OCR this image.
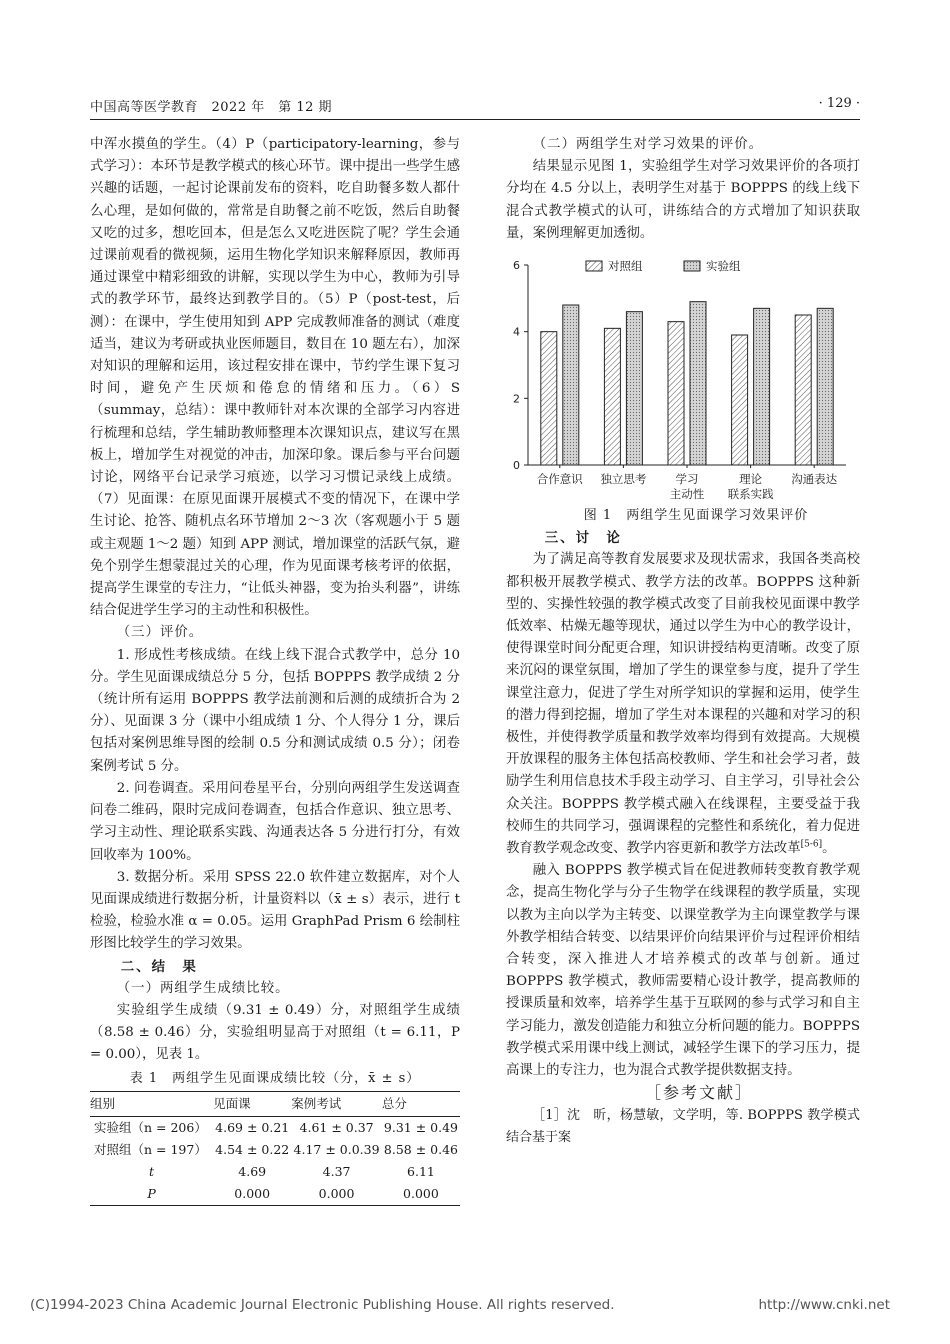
中国高等医学教育　2022 年　第 12 期	· 129 ·

中浑水摸鱼的学生。（4）P（participatory-learning，参与式学习）：本环节是教学模式的核心环节。课中提出一些学生感兴趣的话题，一起讨论课前发布的资料，吃自助餐多数人都什么心理，是如何做的，常常是自助餐之前不吃饭，然后自助餐又吃的过多，想吃回本，但是怎么又吃进医院了呢？学生会通过课前观看的微视频，运用生物化学知识来解释原因，教师再通过课堂中精彩细致的讲解，实现以学生为中心，教师为引导式的教学环节，最终达到教学目的。（5）P（post-test，后测）：在课中，学生使用知到 APP 完成教师准备的测试（难度适当，建议为考研或执业医师题目，数目在 10 题左右），加深对知识的理解和运用，该过程安排在课中，节约学生课下复习时间，避免产生厌烦和倦怠的情绪和压力。（6）S（summay，总结）：课中教师针对本次课的全部学习内容进行梳理和总结，学生辅助教师整理本次课知识点，建议写在黑板上，增加学生对视觉的冲击，加深印象。课后参与平台问题讨论，网络平台记录学习痕迹，以学习习惯记录线上成绩。（7）见面课：在原见面课开展模式不变的情况下，在课中学生讨论、抢答、随机点名环节增加 2～3 次（客观题小于 5 题或主观题 1～2 题）知到 APP 测试，增加课堂的活跃气氛，避免个别学生想蒙混过关的心理，作为见面课考核考评的依据，提高学生课堂的专注力，“让低头神器，变为抬头利器”，讲练结合促进学生学习的主动性和积极性。

（三）评价。

1. 形成性考核成绩。在线上线下混合式教学中，总分 10 分。学生见面课成绩总分 5 分，包括 BOPPPS 教学成绩 2 分（统计所有运用 BOPPPS 教学法前测和后测的成绩折合为 2 分）、见面课 3 分（课中小组成绩 1 分、个人得分 1 分，课后包括对案例思维导图的绘制 0.5 分和测试成绩 0.5 分）；闭卷案例考试 5 分。

2. 问卷调查。采用问卷星平台，分别向两组学生发送调查问卷二维码，限时完成问卷调查，包括合作意识、独立思考、学习主动性、理论联系实践、沟通表达各 5 分进行打分，有效回收率为 100%。

3. 数据分析。采用 SPSS 22.0 软件建立数据库，对个人见面课成绩进行数据分析，计量资料以（x̄ ± s）表示，进行 t 检验，检验水准 α = 0.05。运用 GraphPad Prism 6 绘制柱形图比较学生的学习效果。

二、结　果

（一）两组学生成绩比较。

实验组学生成绩（9.31 ± 0.49）分，对照组学生成绩（8.58 ± 0.46）分，实验组明显高于对照组（t = 6.11，P = 0.00），见表 1。

表 1　两组学生见面课成绩比较（分，x̄ ± s）
组别	见面课	案例考试	总分
实验组（n = 206）	4.69 ± 0.21	4.61 ± 0.37	9.31 ± 0.49
对照组（n = 197）	4.54 ± 0.22	4.17 ± 0.0.39	8.58 ± 0.46
t	4.69	4.37	6.11
P	0.000	0.000	0.000

（二）两组学生对学习效果的评价。

结果显示见图 1，实验组学生对学习效果评价的各项打分均在 4.5 分以上，表明学生对基于 BOPPPS 的线上线下混合式教学模式的认可，讲练结合的方式增加了知识获取量，案例理解更加透彻。

0
2
4
6
合作意识 独立思考	学习
主动性
理论
联系实践
沟通表达
对照组	实验组

图 1　两组学生见面课学习效果评价

三、讨　论

为了满足高等教育发展要求及现状需求，我国各类高校都积极开展教学模式、教学方法的改革。BOPPPS 这种新型的、实操性较强的教学模式改变了目前我校见面课中教学低效率、枯燥无趣等现状，通过以学生为中心的教学设计，使得课堂时间分配更合理，知识讲授结构更清晰。改变了原来沉闷的课堂氛围，增加了学生的课堂参与度，提升了学生课堂注意力，促进了学生对所学知识的掌握和运用，使学生的潜力得到挖掘，增加了学生对本课程的兴趣和对学习的积极性，并使得教学质量和教学效率均得到有效提高。大规模开放课程的服务主体包括高校教师、学生和社会学习者，鼓励学生利用信息技术手段主动学习、自主学习，引导社会公众关注。BOPPPS 教学模式融入在线课程，主要受益于我校师生的共同学习，强调课程的完整性和系统化，着力促进教育教学观念改变、教学内容更新和教学方法改革[5-6]。

融入 BOPPPS 教学模式旨在促进教师转变教育教学观念，提高生物化学与分子生物学在线课程的教学质量，实现以教为主向以学为主转变、以课堂教学为主向课堂教学与课外教学相结合转变、以结果评价向结果评价与过程评价相结合转变，深入推进人才培养模式的改革与创新。通过 BOPPPS 教学模式，教师需要精心设计教学，提高教师的授课质量和效率，培养学生基于互联网的参与式学习和自主学习能力，激发创造能力和独立分析问题的能力。BOPPPS 教学模式采用课中线上测试，减轻学生课下的学习压力，提高课上的专注力，也为混合式教学提供数据支持。

［参考文献］

［1］沈　昕，杨慧敏，文学明，等. BOPPPS 教学模式结合基于案

(C)1994-2023 China Academic Journal Electronic Publishing House. All rights reserved.	http://www.cnki.net
